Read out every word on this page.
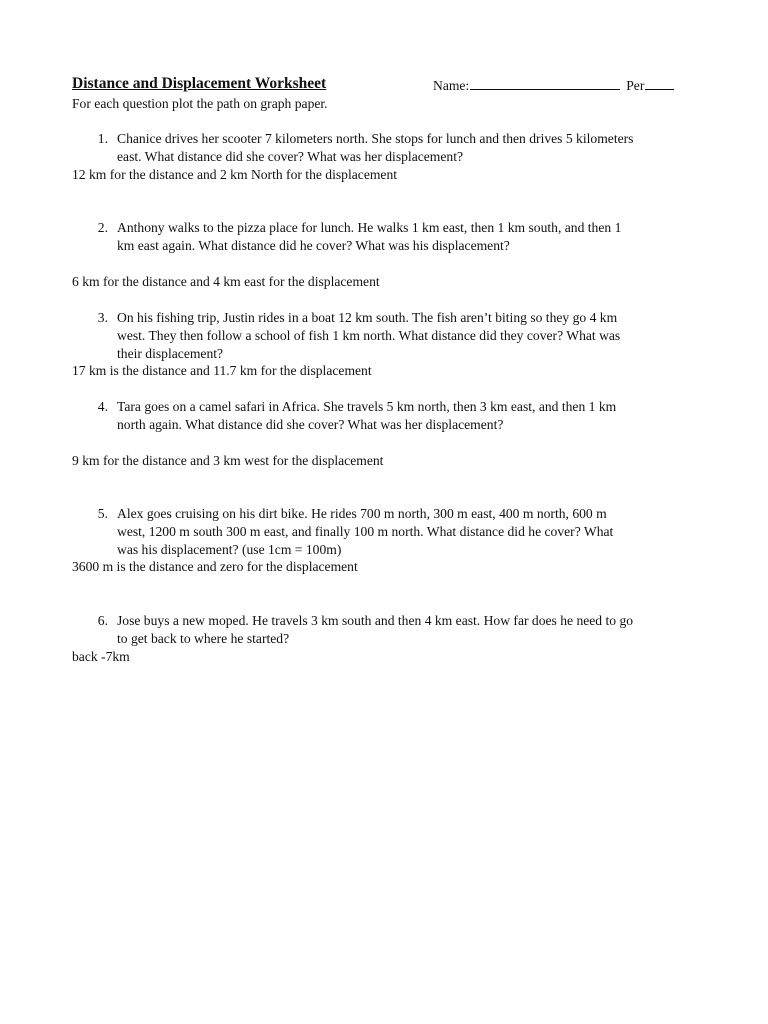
Distance and Displacement Worksheet	Name:	Per
For each question plot the path on graph paper.
1. Chanice drives her scooter 7 kilometers north. She stops for lunch and then drives 5 kilometers
east. What distance did she cover? What was her displacement?
12 km for the distance and 2 km North for the displacement
2. Anthony walks to the pizza place for lunch. He walks 1 km east, then 1 km south, and then 1
km east again. What distance did he cover? What was his displacement?
6 km for the distance and 4 km east for the displacement
3. On his fishing trip, Justin rides in a boat 12 km south. The fish aren’t biting so they go 4 km
west. They then follow a school of fish 1 km north. What distance did they cover? What was
their displacement?
17 km is the distance and 11.7 km for the displacement
4. Tara goes on a camel safari in Africa. She travels 5 km north, then 3 km east, and then 1 km
north again. What distance did she cover? What was her displacement?
9 km for the distance and 3 km west for the displacement
5. Alex goes cruising on his dirt bike. He rides 700 m north, 300 m east, 400 m north, 600 m
west, 1200 m south 300 m east, and finally 100 m north. What distance did he cover? What
was his displacement? (use 1cm = 100m)
3600 m is the distance and zero for the displacement
6. Jose buys a new moped. He travels 3 km south and then 4 km east. How far does he need to go
to get back to where he started?
back -7km
